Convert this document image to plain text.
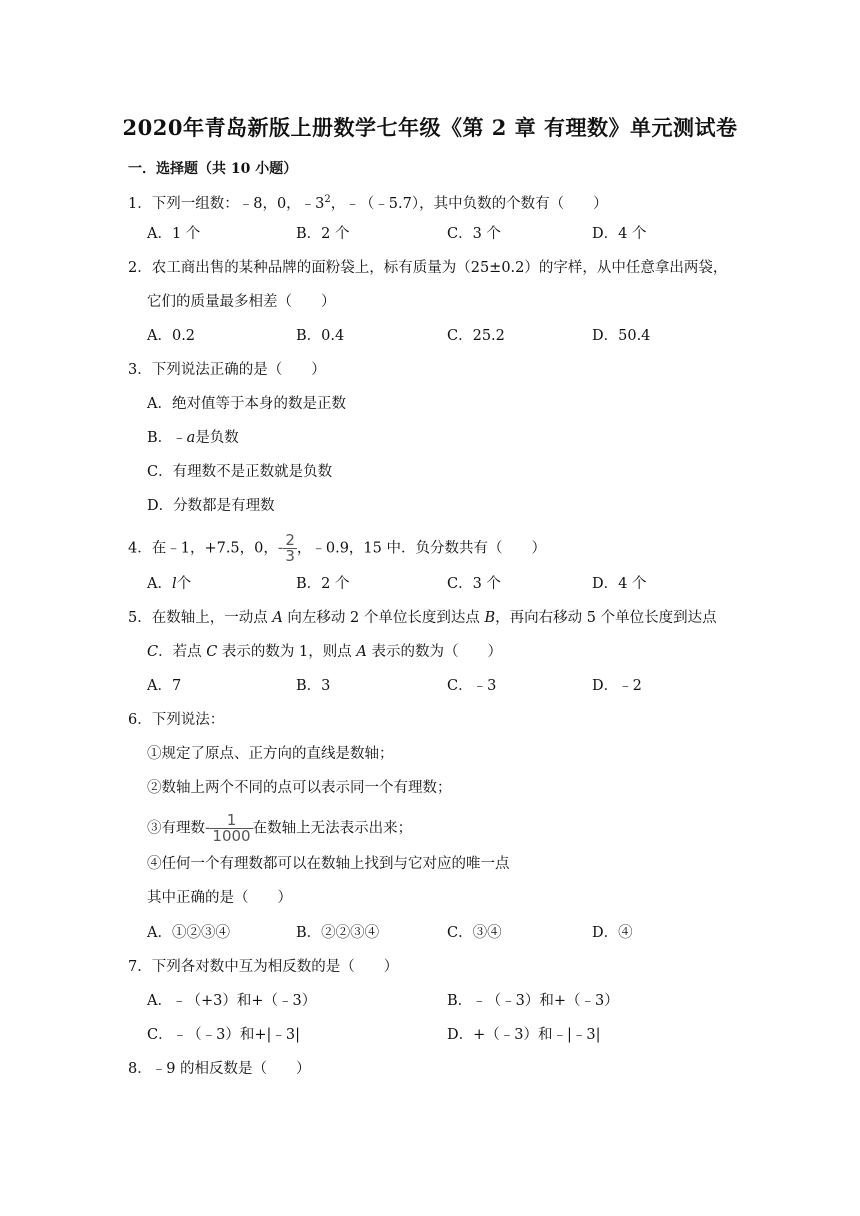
2020年青岛新版上册数学七年级《第 2 章 有理数》单元测试卷
一．选择题（共 10 小题）
1．下列一组数：﹣8，0，$﹣3^2$，﹣（﹣5.7），其中负数的个数有（　　）
A．1 个	B．2 个	C．3 个	D．4 个
2．农工商出售的某种品牌的面粉袋上，标有质量为（25±0.2）的字样，从中任意拿出两袋，
它们的质量最多相差（　　）
A．0.2	B．0.4	C．25.2	D．50.4
3．下列说法正确的是（　　）
A．绝对值等于本身的数是正数
B．﹣a是负数
C．有理数不是正数就是负数
D．分数都是有理数
4．在﹣1，+7.5，0，- $\frac{2}{3}$ ，﹣0.9，15 中．负分数共有（　　）
A．l个	B．2 个	C．3 个	D．4 个
5．在数轴上，一动点 A 向左移动 2 个单位长度到达点 B，再向右移动 5 个单位长度到达点
C．若点 C 表示的数为 1，则点 A 表示的数为（　　）
A．7	B．3	C．﹣3	D．﹣2
6．下列说法：
①规定了原点、正方向的直线是数轴；
②数轴上两个不同的点可以表示同一个有理数；
③有理数- $\frac{1}{1000}$ 在数轴上无法表示出来；
④任何一个有理数都可以在数轴上找到与它对应的唯一点
其中正确的是（　　）
A．①②③④	B．②②③④	C．③④	D．④
7．下列各对数中互为相反数的是（　　）
A．﹣（+3）和+（﹣3）	B．﹣（﹣3）和+（﹣3）
C．﹣（﹣3）和+|﹣3|	D．+（﹣3）和﹣|﹣3|
8．﹣9 的相反数是（　　）
